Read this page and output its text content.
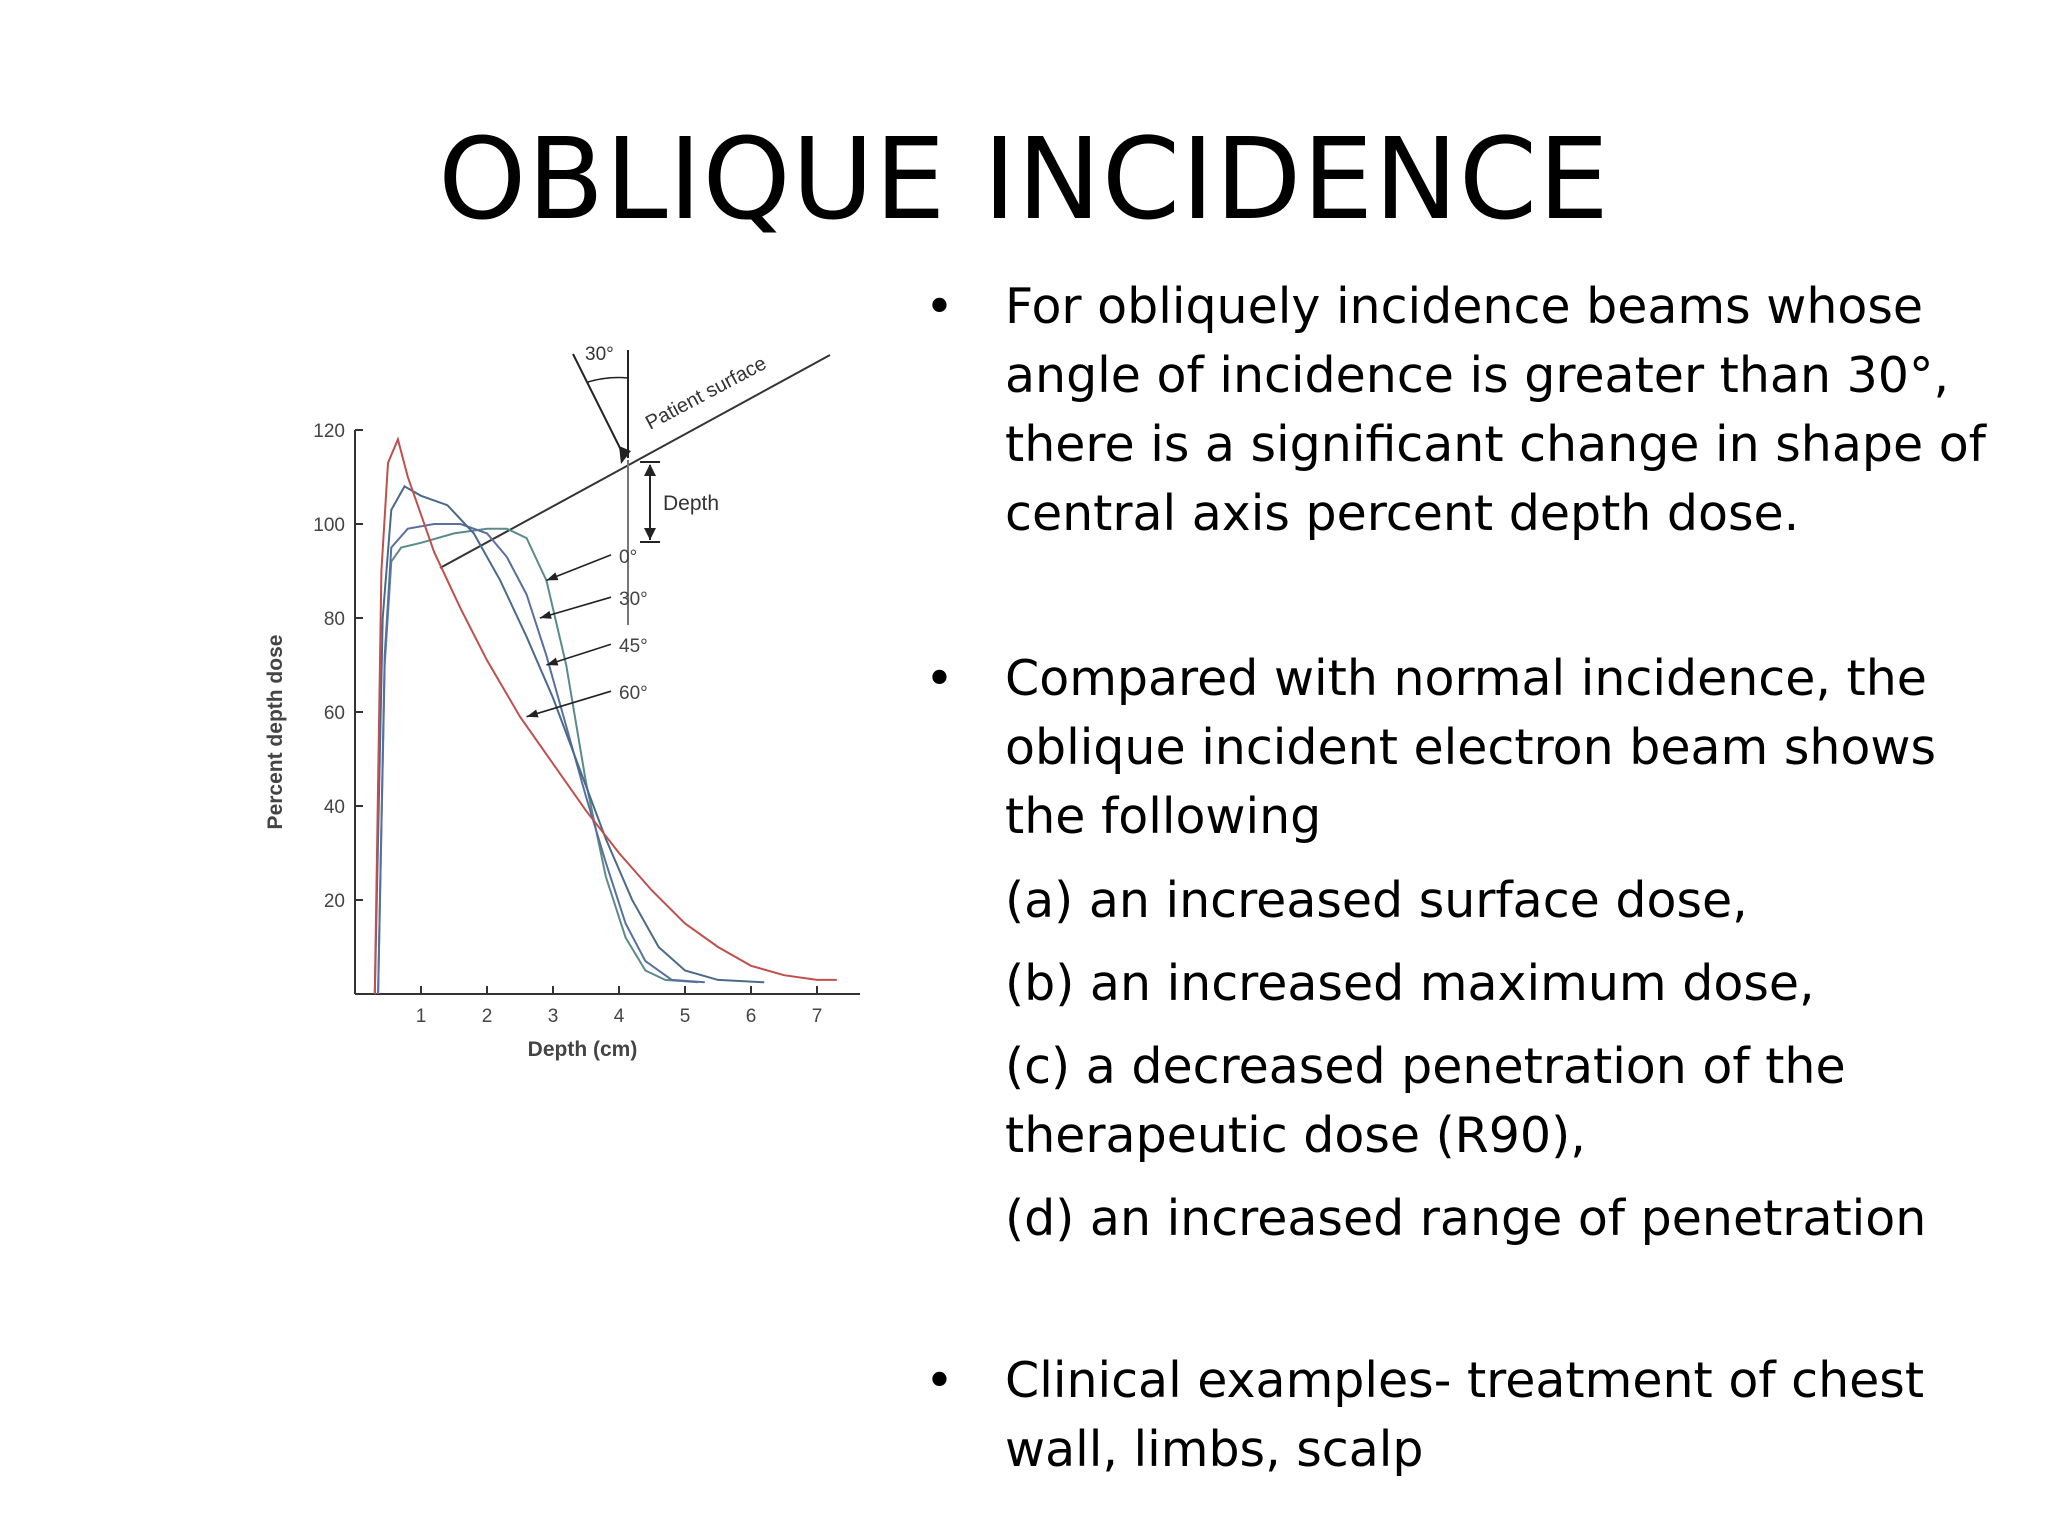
OBLIQUE INCIDENCE
30° Patient surface
Depth
20
40
60
80
100
120
1	2	3	4	5	6	7
Depth (cm)
Percent depth dose
0°
30°
45°
60°
• For obliquely incidence beams whose angle of incidence is greater than 30°, there is a significant change in shape of central axis percent depth dose.
• Compared with normal incidence, the oblique incident electron beam shows the following
(a) an increased surface dose,
(b) an increased maximum dose,
(c) a decreased penetration of the therapeutic dose (R90),
(d) an increased range of penetration
• Clinical examples- treatment of chest wall, limbs, scalp
